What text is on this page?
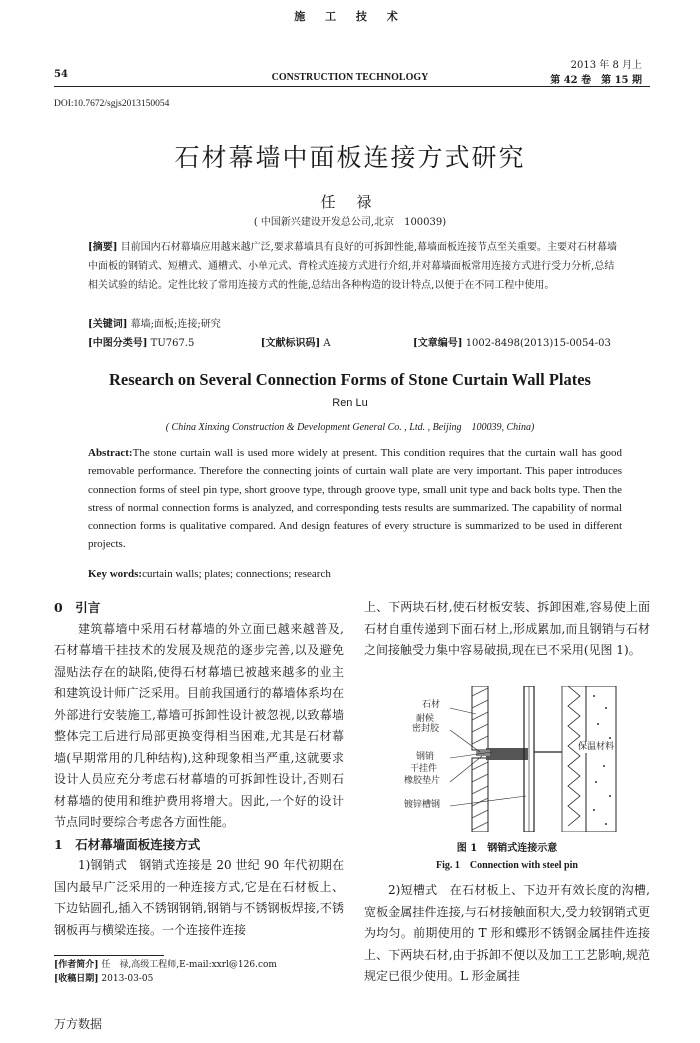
施 工 技 术
CONSTRUCTION TECHNOLOGY
54
2013 年 8 月上
第 42 卷　第 15 期
DOI:10.7672/sgjs2013150054
石材幕墙中面板连接方式研究
任 禄
( 中国新兴建设开发总公司,北京　100039)
[摘要] 目前国内石材幕墙应用越来越广泛,要求幕墙具有良好的可拆卸性能,幕墙面板连接节点至关重要。主要对石材幕墙中面板的钢销式、短槽式、通槽式、小单元式、背栓式连接方式进行介绍,并对幕墙面板常用连接方式进行受力分析,总结相关试验的结论。定性比较了常用连接方式的性能,总结出各种构造的设计特点,以便于在不同工程中使用。
[关键词] 幕墙;面板;连接;研究
[中图分类号] TU767.5	[文献标识码] A	[文章编号] 1002-8498(2013)15-0054-03
Research on Several Connection Forms of Stone Curtain Wall Plates
Ren Lu
( China Xinxing Construction & Development General Co. , Ltd. , Beijing　100039, China)
Abstract:The stone curtain wall is used more widely at present. This condition requires that the curtain wall has good removable performance. Therefore the connecting joints of curtain wall plate are very important. This paper introduces connection forms of steel pin type, short groove type, through groove type, small unit type and back bolts type. Then the stress of normal connection forms is analyzed, and corresponding tests results are summarized. The capability of normal connection forms is qualitative compared. And design features of every structure is summarized to be used in different projects.
Key words:curtain walls; plates; connections; research
0　引言
建筑幕墙中采用石材幕墙的外立面已越来越普及,石材幕墙干挂技术的发展及规范的逐步完善,以及避免湿贴法存在的缺陷,使得石材幕墙已被越来越多的业主和建筑设计师广泛采用。目前我国通行的幕墙体系均在外部进行安装施工,幕墙可拆卸性设计被忽视,以致幕墙整体完工后进行局部更换变得相当困难,尤其是石材幕墙(早期常用的几种结构),这种现象相当严重,这就要求设计人员应充分考虑石材幕墙的可拆卸性设计,否则石材幕墙的使用和维护费用将增大。因此,一个好的设计节点同时要综合考虑各方面性能。
1　石材幕墙面板连接方式
1)钢销式　钢销式连接是 20 世纪 90 年代初期在国内最早广泛采用的一种连接方式,它是在石材板上、下边钻圆孔,插入不锈钢钢销,钢销与不锈钢板焊接,不锈钢板再与横梁连接。一个连接件连接
上、下两块石材,使石材板安装、拆卸困难,容易使上面石材自重传递到下面石材上,形成累加,而且钢销与石材之间接触受力集中容易破损,现在已不采用(见图 1)。
石材
耐候
密封胶
钢销
干挂件
橡胶垫片
镀锌槽钢
保温材料
图 1　钢销式连接示意
Fig. 1　Connection with steel pin
2)短槽式　在石材板上、下边开有效长度的沟槽,宽板金属挂件连接,与石材接触面积大,受力较钢销式更为均匀。前期使用的 T 形和蝶形不锈钢金属挂件连接上、下两块石材,由于拆卸不便以及加工工艺影响,规范规定已很少使用。L 形金属挂
[作者简介] 任　禄,高级工程师,E-mail:xxrl@126.com
[收稿日期] 2013-03-05
万方数据
